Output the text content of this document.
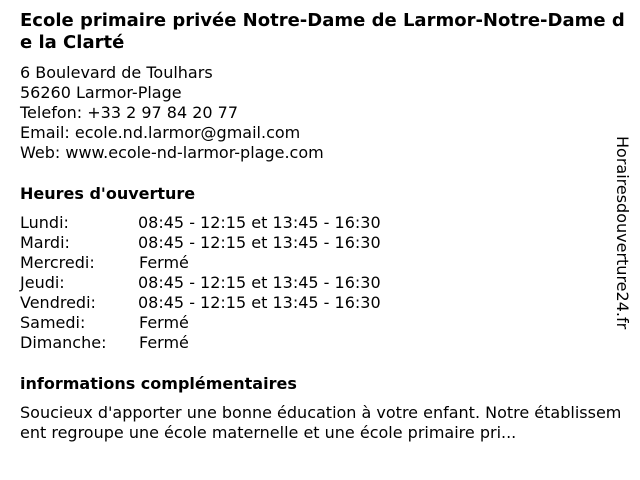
Ecole primaire privée Notre-Dame de Larmor-Notre-Dame de la Clarté
6 Boulevard de Toulhars
56260 Larmor-Plage
Telefon: +33 2 97 84 20 77
Email: ecole.nd.larmor@gmail.com
Web: www.ecole-nd-larmor-plage.com
Heures d'ouverture
Lundi:	08:45 - 12:15 et 13:45 - 16:30
Mardi:	08:45 - 12:15 et 13:45 - 16:30
Mercredi:	Fermé
Jeudi:	08:45 - 12:15 et 13:45 - 16:30
Vendredi:	08:45 - 12:15 et 13:45 - 16:30
Samedi:	Fermé
Dimanche: Fermé
informations complémentaires
Soucieux d'apporter une bonne éducation à votre enfant. Notre établissement regroupe une école maternelle et une école primaire pri...
Horairesdouverture24.fr
